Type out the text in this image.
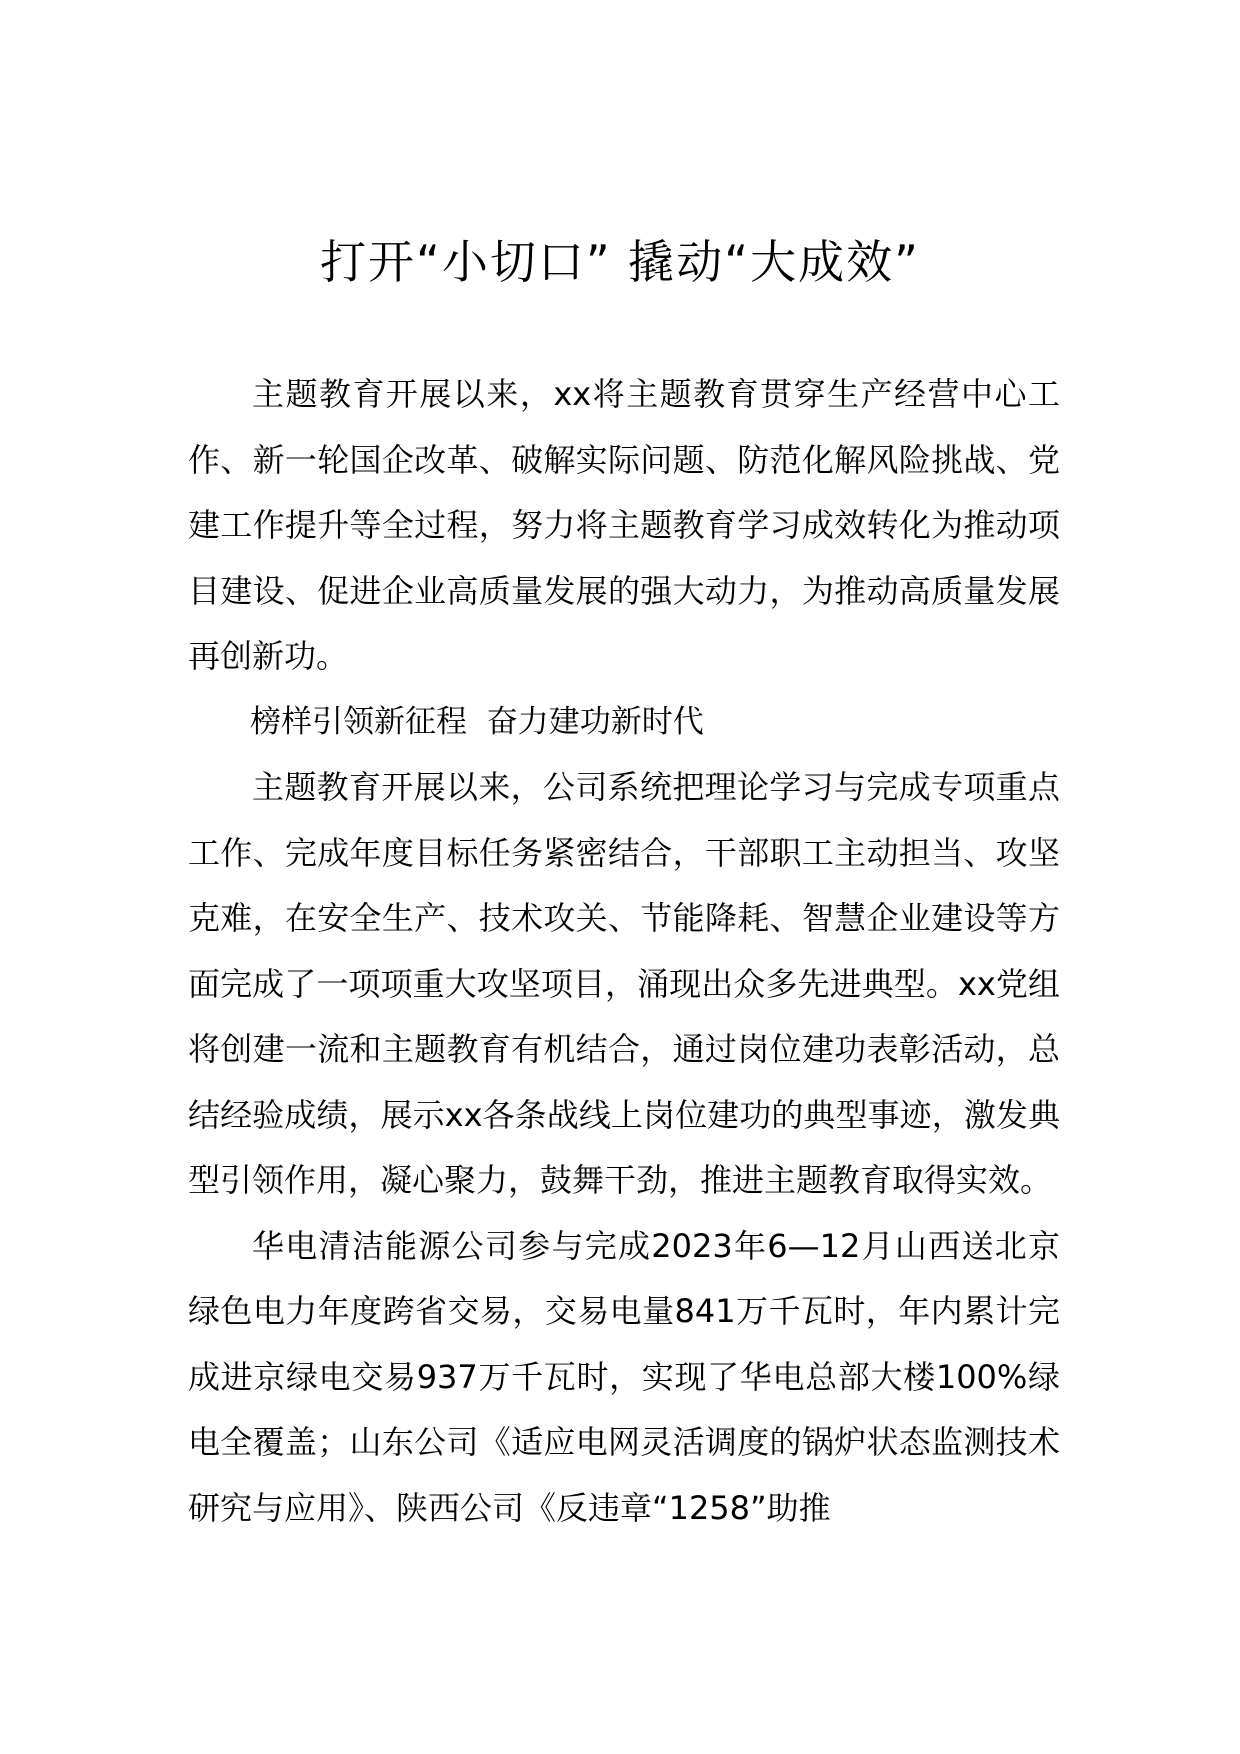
打开“小切口” 撬动“大成效”

主题教育开展以来，xx将主题教育贯穿生产经营中心工作、新一轮国企改革、破解实际问题、防范化解风险挑战、党建工作提升等全过程，努力将主题教育学习成效转化为推动项目建设、促进企业高质量发展的强大动力，为推动高质量发展再创新功。

榜样引领新征程  奋力建功新时代

主题教育开展以来，公司系统把理论学习与完成专项重点工作、完成年度目标任务紧密结合，干部职工主动担当、攻坚克难，在安全生产、技术攻关、节能降耗、智慧企业建设等方面完成了一项项重大攻坚项目，涌现出众多先进典型。xx党组将创建一流和主题教育有机结合，通过岗位建功表彰活动，总结经验成绩，展示xx各条战线上岗位建功的典型事迹，激发典型引领作用，凝心聚力，鼓舞干劲，推进主题教育取得实效。

华电清洁能源公司参与完成2023年6—12月山西送北京绿色电力年度跨省交易，交易电量841万千瓦时，年内累计完成进京绿电交易937万千瓦时，实现了华电总部大楼100%绿电全覆盖；山东公司《适应电网灵活调度的锅炉状态监测技术研究与应用》、陕西公司《反违章“1258”助推
